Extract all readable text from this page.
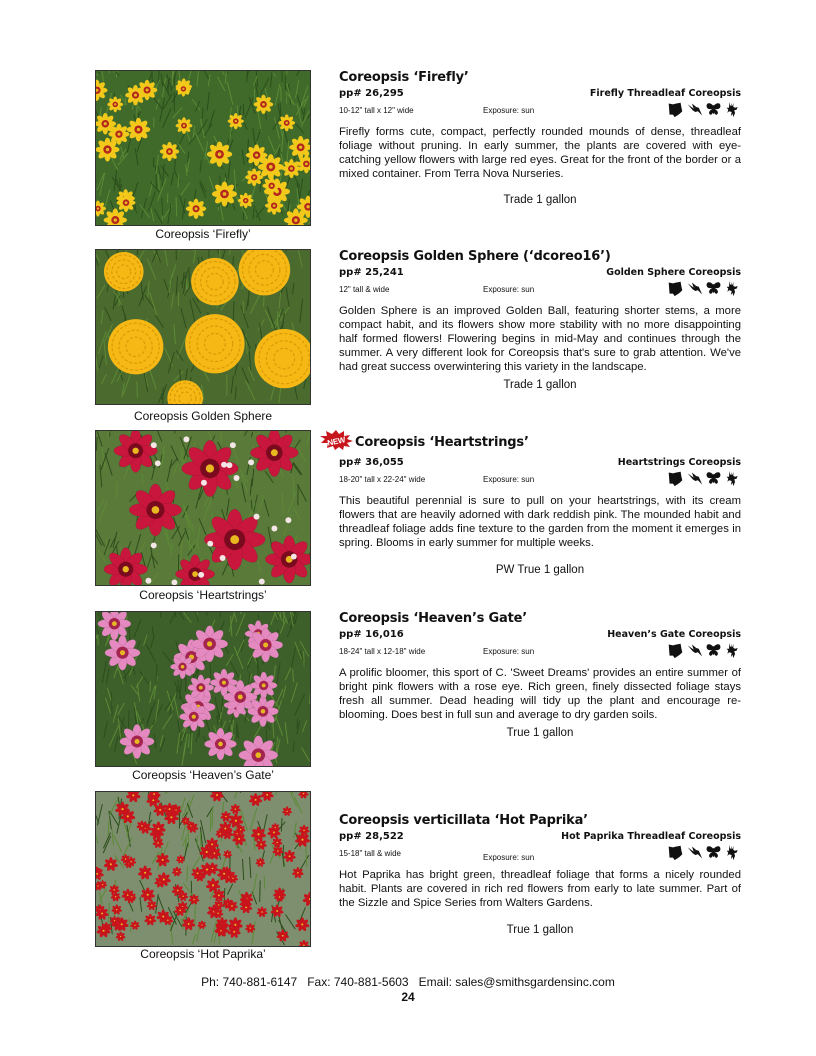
Coreopsis ‘Firefly’
Coreopsis ‘Firefly’
pp# 26,295	Firefly Threadleaf Coreopsis
10-12" tall x 12" wide	Exposure: sun
Firefly forms cute, compact, perfectly rounded mounds of dense, threadleaf foliage without pruning. In early summer, the plants are covered with eye-catching yellow flowers with large red eyes. Great for the front of the border or a mixed container. From Terra Nova Nurseries.
Trade 1 gallon
Coreopsis Golden Sphere
Coreopsis Golden Sphere (‘dcoreo16’)
pp# 25,241	Golden Sphere Coreopsis
12" tall & wide	Exposure: sun
Golden Sphere is an improved Golden Ball, featuring shorter stems, a more compact habit, and its flowers show more stability with no more disappointing half formed flowers! Flowering begins in mid-May and continues through the summer. A very different look for Coreopsis that's sure to grab attention. We've had great success overwintering this variety in the landscape.
Trade 1 gallon
Coreopsis ‘Heartstrings’
NEW Coreopsis ‘Heartstrings’
pp# 36,055	Heartstrings Coreopsis
18-20" tall x 22-24" wide	Exposure: sun
This beautiful perennial is sure to pull on your heartstrings, with its cream flowers that are heavily adorned with dark reddish pink. The mounded habit and threadleaf foliage adds fine texture to the garden from the moment it emerges in spring. Blooms in early summer for multiple weeks.
PW True 1 gallon
Coreopsis ‘Heaven’s Gate’
Coreopsis ‘Heaven’s Gate’
pp# 16,016	Heaven’s Gate Coreopsis
18-24" tall x 12-18" wide	Exposure: sun
A prolific bloomer, this sport of C. 'Sweet Dreams' provides an entire summer of bright pink flowers with a rose eye. Rich green, finely dissected foliage stays fresh all summer. Dead heading will tidy up the plant and encourage re-blooming. Does best in full sun and average to dry garden soils.
True 1 gallon
Coreopsis ‘Hot Paprika’
Coreopsis verticillata ‘Hot Paprika’
pp# 28,522	Hot Paprika Threadleaf Coreopsis
15-18" tall & wide	Exposure: sun
Hot Paprika has bright green, threadleaf foliage that forms a nicely rounded habit. Plants are covered in rich red flowers from early to late summer. Part of the Sizzle and Spice Series from Walters Gardens.
True 1 gallon
Ph: 740-881-6147   Fax: 740-881-5603   Email: sales@smithsgardensinc.com
24
